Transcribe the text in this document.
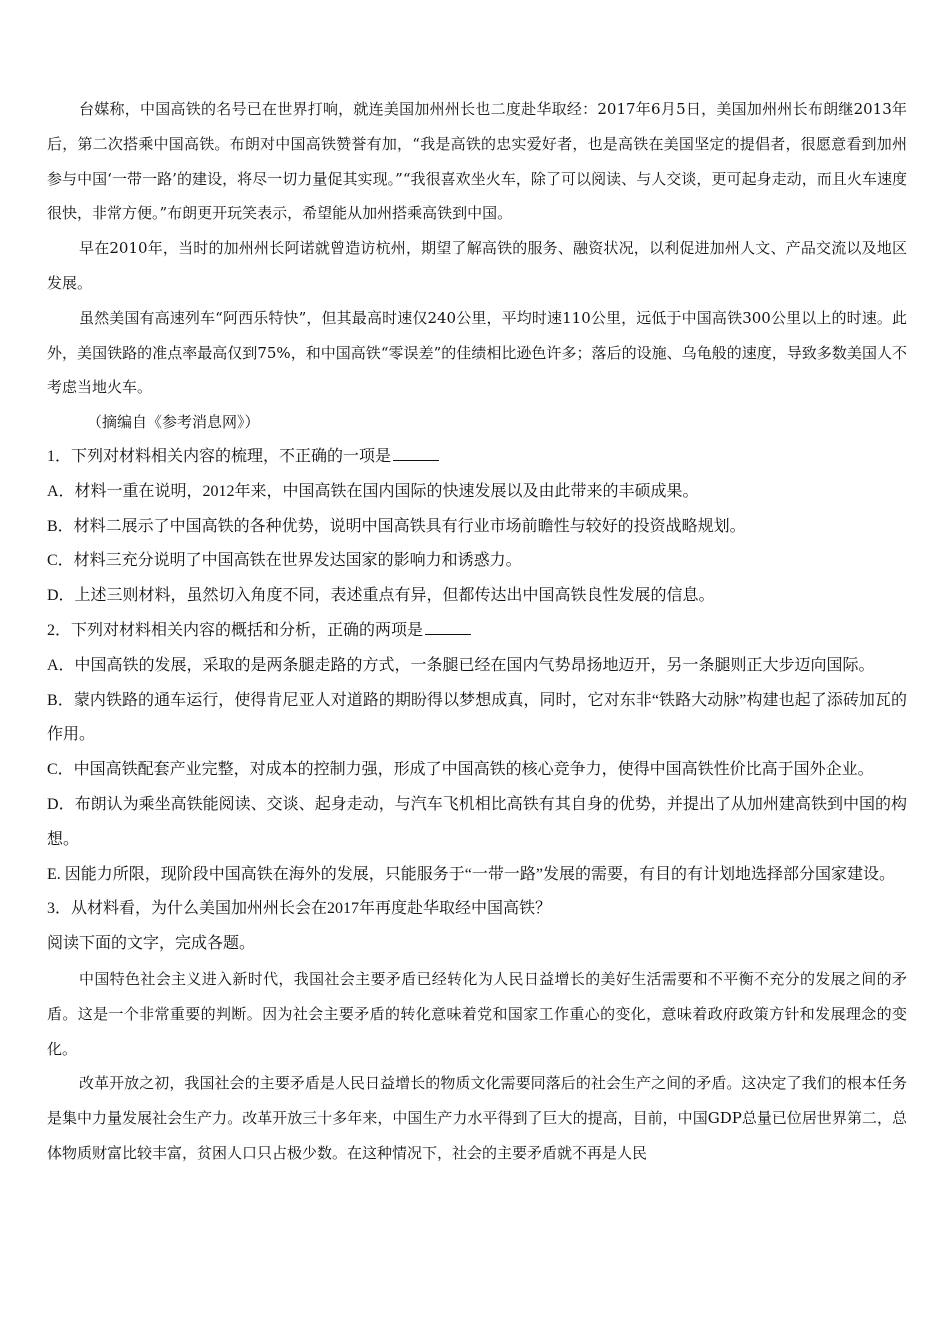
台媒称，中国高铁的名号已在世界打响，就连美国加州州长也二度赴华取经：2017年6月5日，美国加州州长布朗继2013年后，第二次搭乘中国高铁。布朗对中国高铁赞誉有加，“我是高铁的忠实爱好者，也是高铁在美国坚定的提倡者，很愿意看到加州参与中国‘一带一路’的建设，将尽一切力量促其实现。”“我很喜欢坐火车，除了可以阅读、与人交谈，更可起身走动，而且火车速度很快，非常方便。”布朗更开玩笑表示，希望能从加州搭乘高铁到中国。

早在2010年，当时的加州州长阿诺就曾造访杭州，期望了解高铁的服务、融资状况，以利促进加州人文、产品交流以及地区发展。

虽然美国有高速列车“阿西乐特快”，但其最高时速仅240公里，平均时速110公里，远低于中国高铁300公里以上的时速。此外，美国铁路的准点率最高仅到75%，和中国高铁“零误差”的佳绩相比逊色许多；落后的设施、乌龟般的速度，导致多数美国人不考虑当地火车。

（摘编自《参考消息网》）

1．下列对材料相关内容的梳理，不正确的一项是

A．材料一重在说明，2012年来，中国高铁在国内国际的快速发展以及由此带来的丰硕成果。

B．材料二展示了中国高铁的各种优势，说明中国高铁具有行业市场前瞻性与较好的投资战略规划。

C．材料三充分说明了中国高铁在世界发达国家的影响力和诱惑力。

D．上述三则材料，虽然切入角度不同，表述重点有异，但都传达出中国高铁良性发展的信息。

2．下列对材料相关内容的概括和分析，正确的两项是

A．中国高铁的发展，采取的是两条腿走路的方式，一条腿已经在国内气势昂扬地迈开，另一条腿则正大步迈向国际。

B．蒙内铁路的通车运行，使得肯尼亚人对道路的期盼得以梦想成真，同时，它对东非“铁路大动脉”构建也起了添砖加瓦的作用。

C．中国高铁配套产业完整，对成本的控制力强，形成了中国高铁的核心竞争力，使得中国高铁性价比高于国外企业。

D．布朗认为乘坐高铁能阅读、交谈、起身走动，与汽车飞机相比高铁有其自身的优势，并提出了从加州建高铁到中国的构想。

E. 因能力所限，现阶段中国高铁在海外的发展，只能服务于“一带一路”发展的需要，有目的有计划地选择部分国家建设。

3．从材料看，为什么美国加州州长会在2017年再度赴华取经中国高铁？

阅读下面的文字，完成各题。

中国特色社会主义进入新时代，我国社会主要矛盾已经转化为人民日益增长的美好生活需要和不平衡不充分的发展之间的矛盾。这是一个非常重要的判断。因为社会主要矛盾的转化意味着党和国家工作重心的变化，意味着政府政策方针和发展理念的变化。

改革开放之初，我国社会的主要矛盾是人民日益增长的物质文化需要同落后的社会生产之间的矛盾。这决定了我们的根本任务是集中力量发展社会生产力。改革开放三十多年来，中国生产力水平得到了巨大的提高，目前，中国GDP总量已位居世界第二，总体物质财富比较丰富，贫困人口只占极少数。在这种情况下，社会的主要矛盾就不再是人民
